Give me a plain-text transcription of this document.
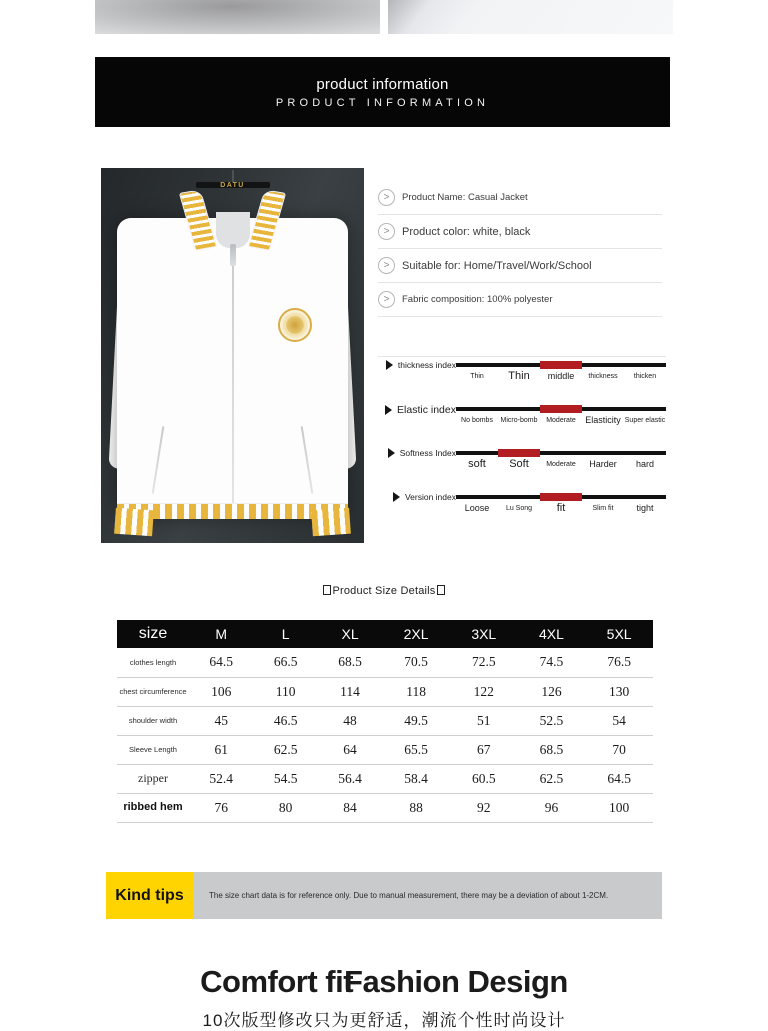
product information
PRODUCT INFORMATION
DATU
>	Product Name: Casual Jacket
>	Product color: white, black
>	Suitable for: Home/Travel/Work/School
>	Fabric composition: 100% polyester
thickness index
Thin	Thin	middle	thickness	thicken
Elastic index
No bombs	Micro-bomb	Moderate	Elasticity Super elastic
Softness Index
soft	Soft	Moderate	Harder	hard
Version index
Loose	Lu Song	fit	Slim fit	tight
Product Size Details
size	M	L	XL	2XL	3XL	4XL	5XL
clothes length	64.5	66.5	68.5	70.5	72.5	74.5	76.5
chest circumference	106	110	114	118	122	126	130
shoulder width	45	46.5	48	49.5	51	52.5	54
Sleeve Length	61	62.5	64	65.5	67	68.5	70
zipper	52.4	54.5	56.4	58.4	60.5	62.5	64.5
ribbed hem	76	80	84	88	92	96	100
Kind tips	The size chart data is for reference only. Due to manual measurement, there may be a deviation of about 1-2CM.
Comfort fit
Fashion Design
10次版型修改只为更舒适，潮流个性时尚设计
